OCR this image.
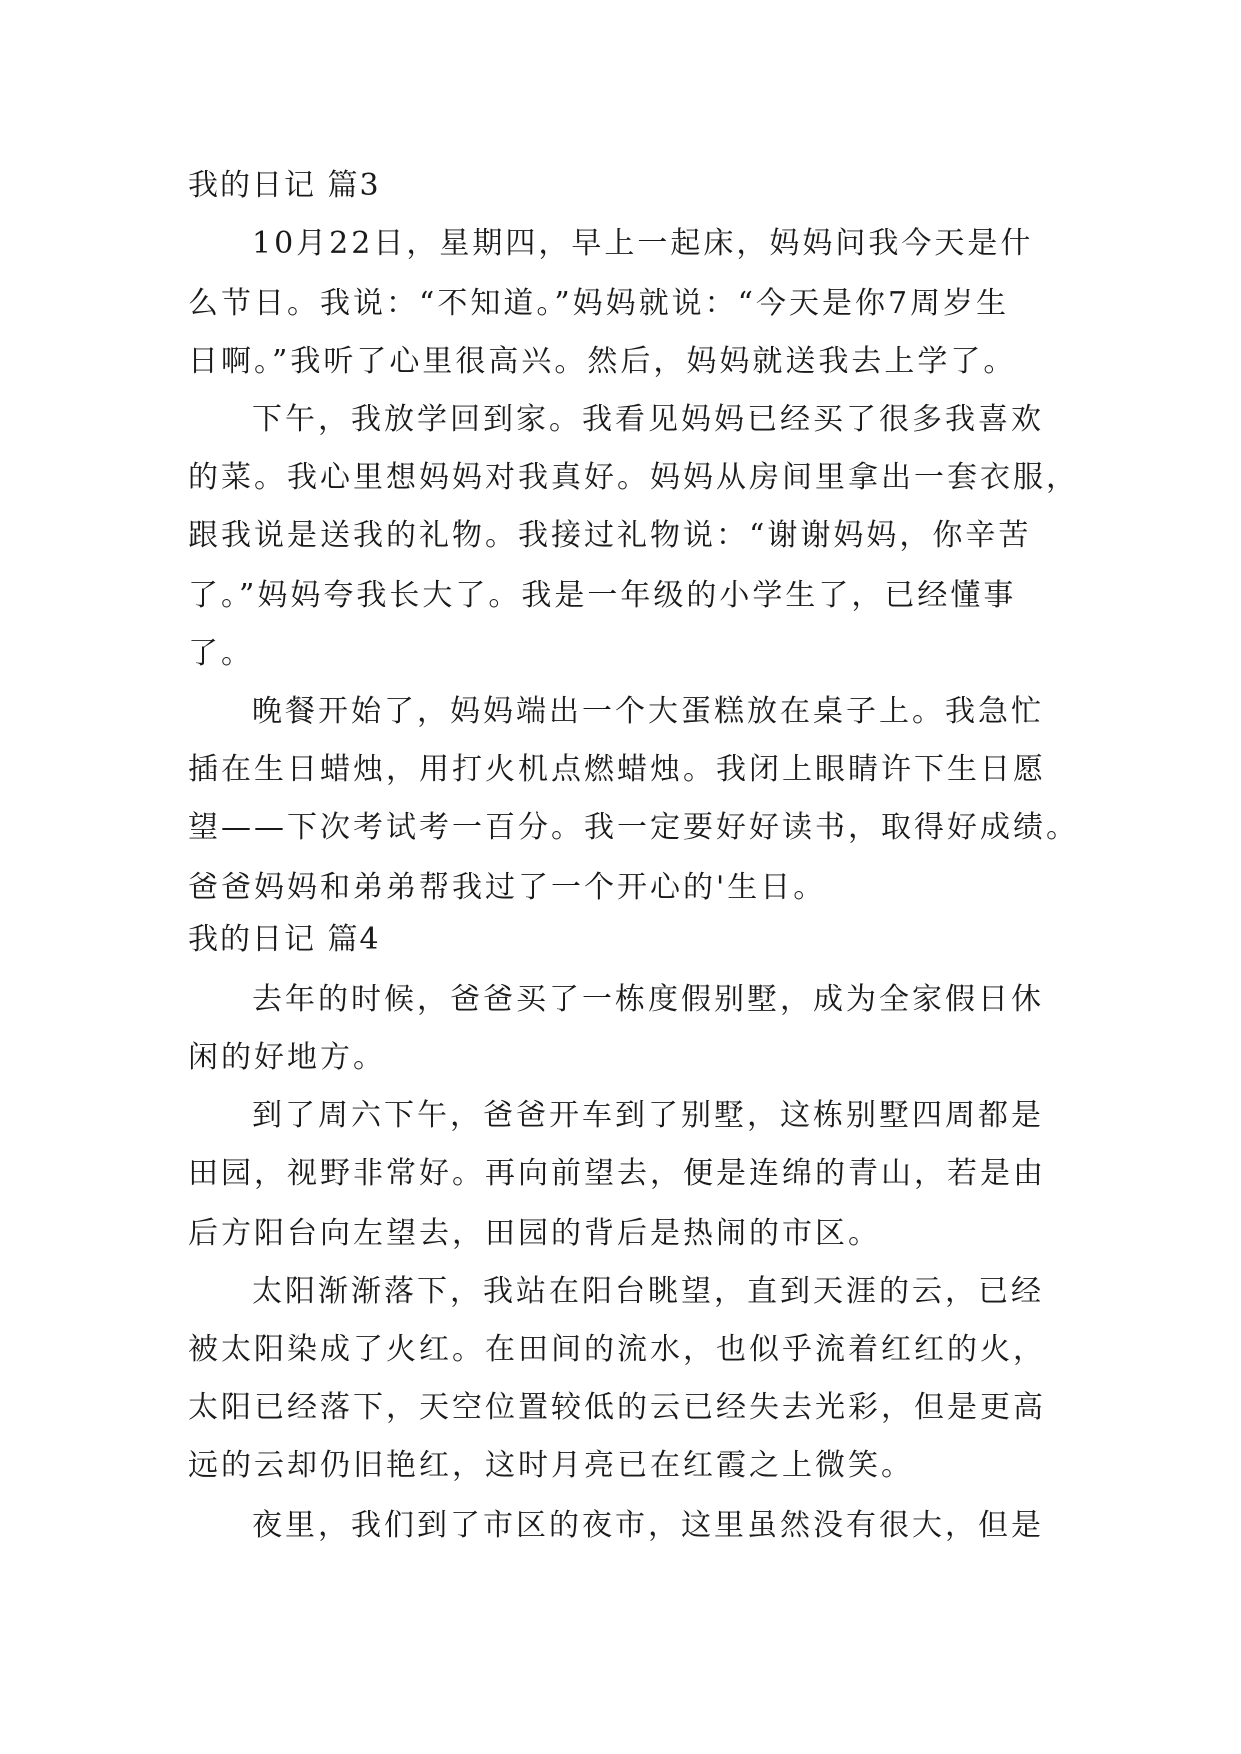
我的日记 篇3
10月22日，星期四，早上一起床，妈妈问我今天是什
么节日。我说：“不知道。”妈妈就说：“今天是你7周岁生
日啊。”我听了心里很高兴。然后，妈妈就送我去上学了。
下午，我放学回到家。我看见妈妈已经买了很多我喜欢
的菜。我心里想妈妈对我真好。妈妈从房间里拿出一套衣服，
跟我说是送我的礼物。我接过礼物说：“谢谢妈妈，你辛苦
了。”妈妈夸我长大了。我是一年级的小学生了，已经懂事
了。
晚餐开始了，妈妈端出一个大蛋糕放在桌子上。我急忙
插在生日蜡烛，用打火机点燃蜡烛。我闭上眼睛许下生日愿
望——下次考试考一百分。我一定要好好读书，取得好成绩。
爸爸妈妈和弟弟帮我过了一个开心的'生日。
我的日记 篇4
去年的时候，爸爸买了一栋度假别墅，成为全家假日休
闲的好地方。
到了周六下午，爸爸开车到了别墅，这栋别墅四周都是
田园，视野非常好。再向前望去，便是连绵的青山，若是由
后方阳台向左望去，田园的背后是热闹的市区。
太阳渐渐落下，我站在阳台眺望，直到天涯的云，已经
被太阳染成了火红。在田间的流水，也似乎流着红红的火，
太阳已经落下，天空位置较低的云已经失去光彩，但是更高
远的云却仍旧艳红，这时月亮已在红霞之上微笑。
夜里，我们到了市区的夜市，这里虽然没有很大，但是
